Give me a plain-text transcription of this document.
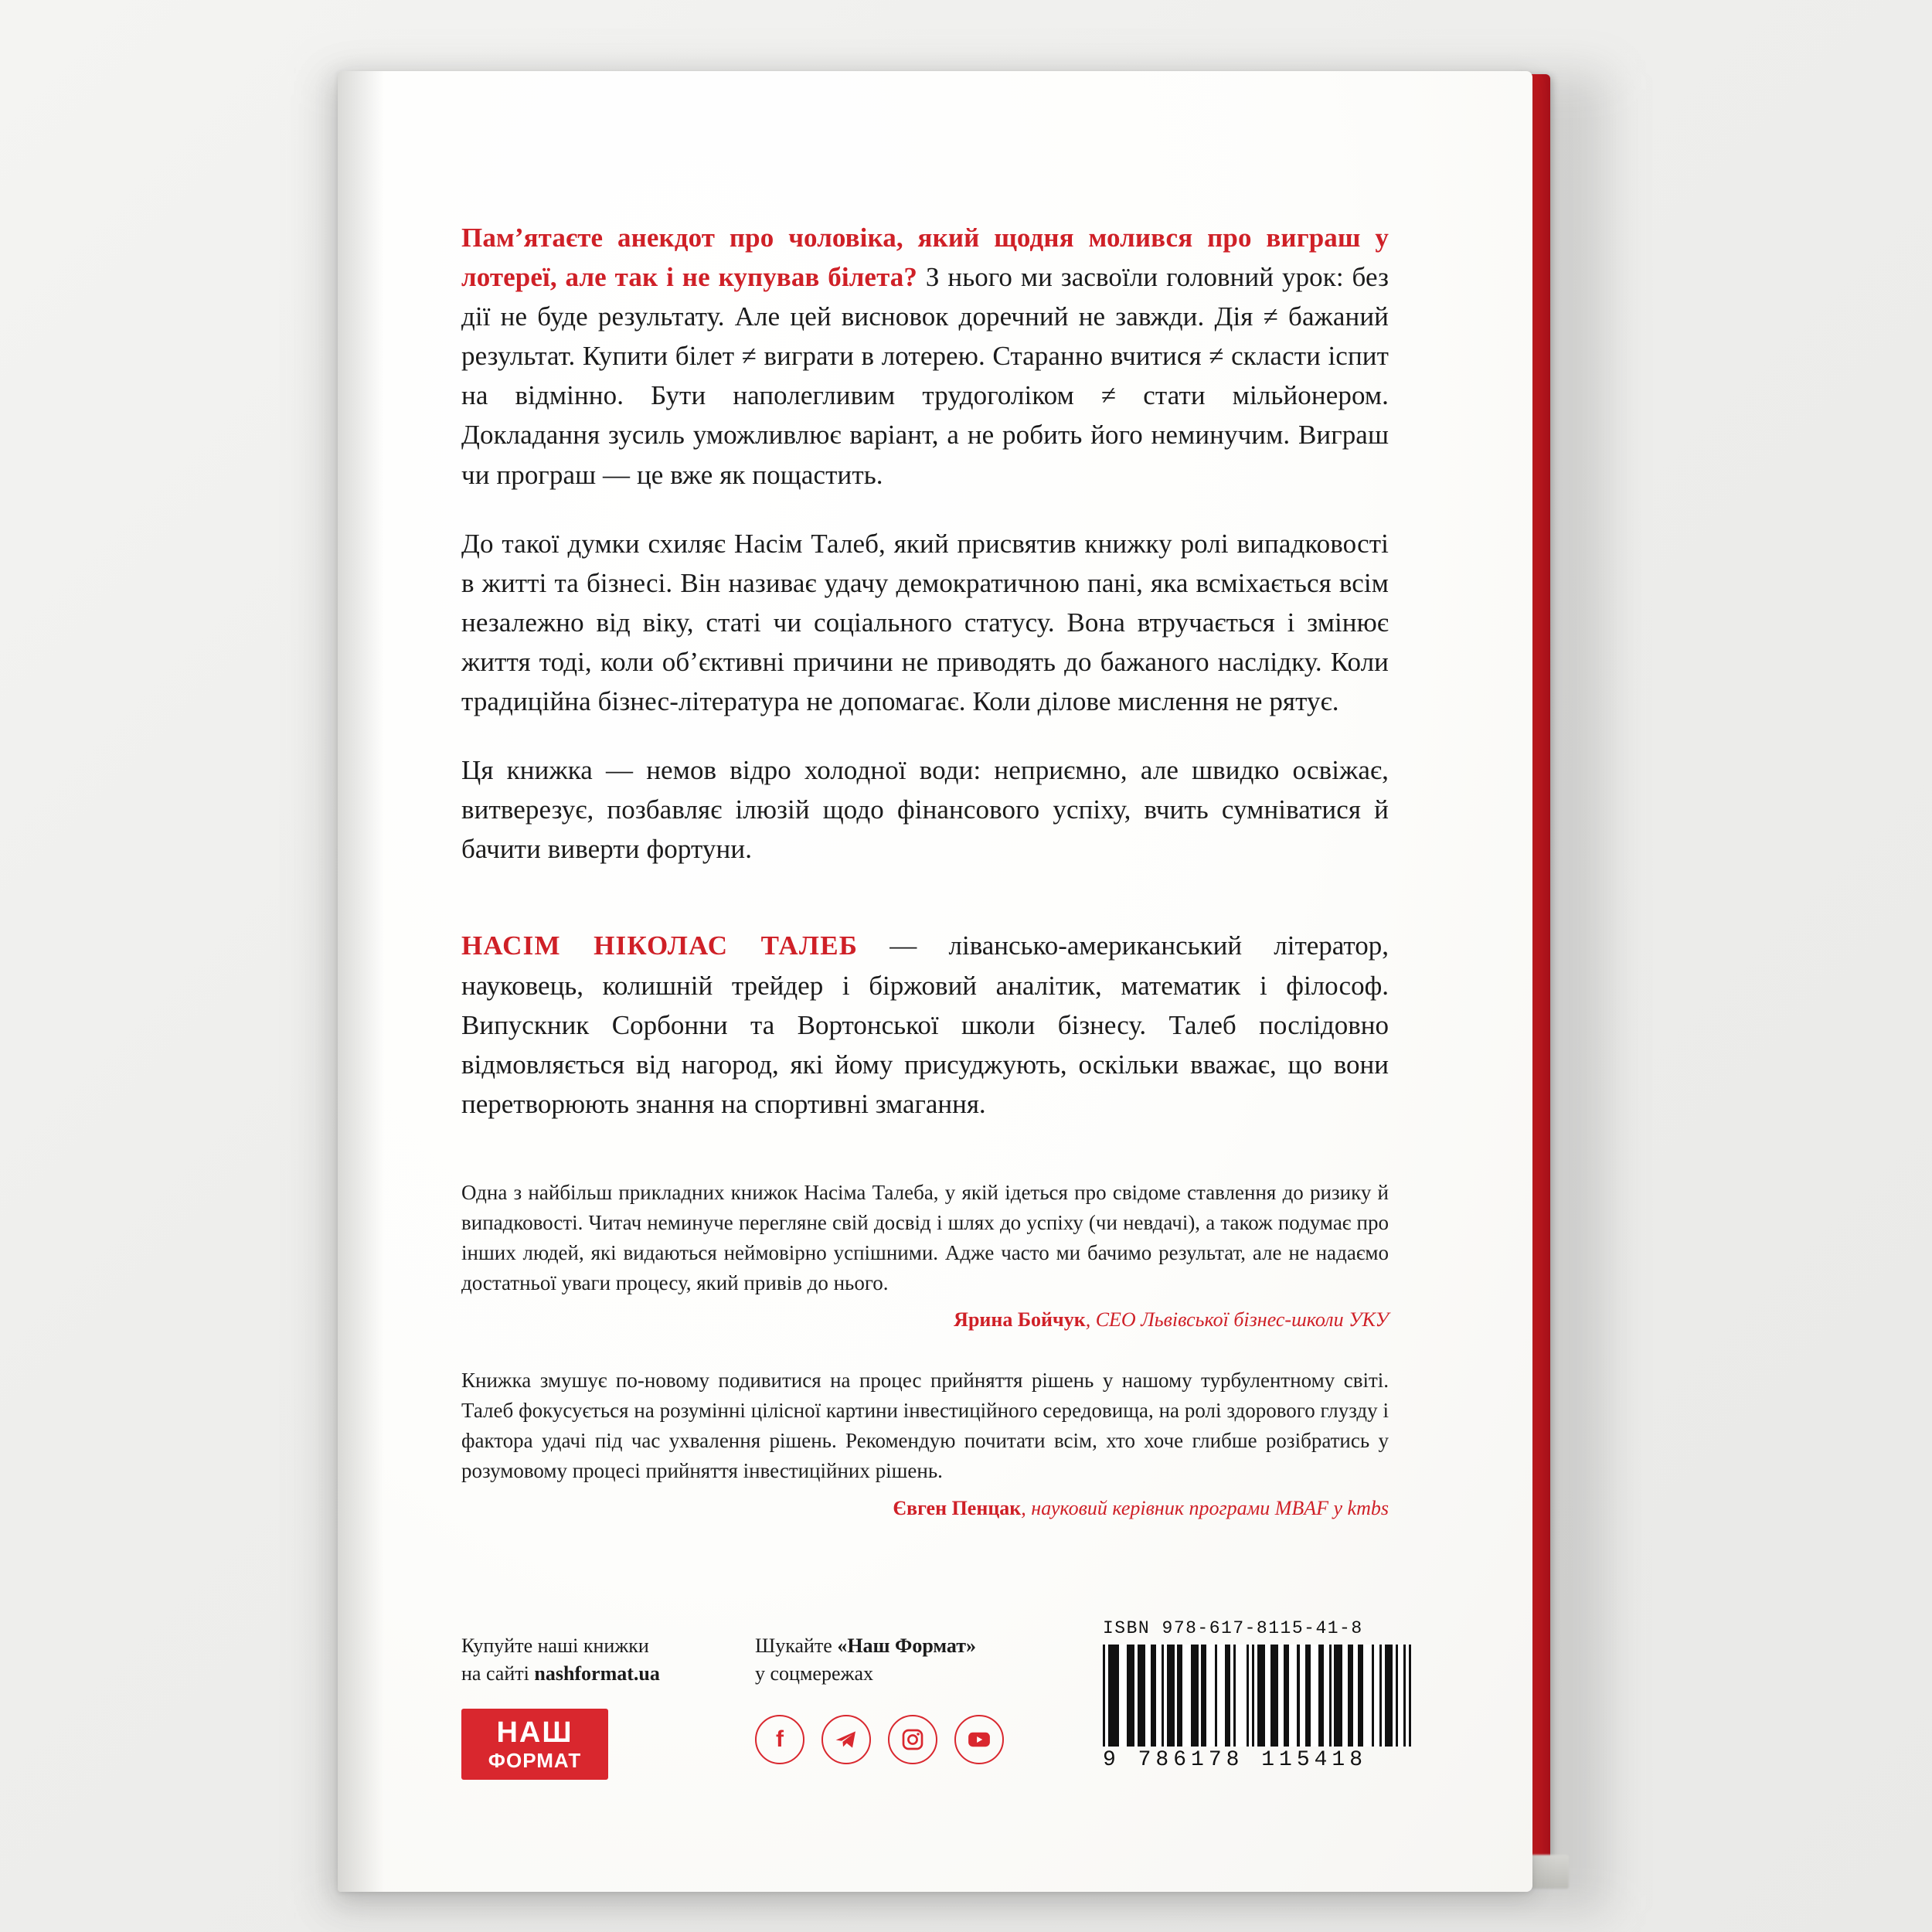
Пам’ятаєте анекдот про чоловіка, який щодня молився про виграш у лотереї, але так і не купував білета? З нього ми засвоїли головний урок: без дії не буде результату. Але цей висновок доречний не завжди. Дія ≠ бажаний результат. Купити білет ≠ виграти в лотерею. Старанно вчитися ≠ скласти іспит на відмінно. Бути наполегливим трудоголіком ≠ стати мільйонером. Докладання зусиль уможливлює варіант, а не робить його неминучим. Виграш чи програш — це вже як пощастить.

До такої думки схиляє Насім Талеб, який присвятив книжку ролі випадковості в житті та бізнесі. Він називає удачу демократичною пані, яка всміхається всім незалежно від віку, статі чи соціального статусу. Вона втручається і змінює життя тоді, коли об’єктивні причини не приводять до бажаного наслідку. Коли традиційна бізнес-література не допомагає. Коли ділове мислення не рятує.

Ця книжка — немов відро холодної води: неприємно, але швидко освіжає, витверезує, позбавляє ілюзій щодо фінансового успіху, вчить сумніватися й бачити виверти фортуни.

НАСІМ НІКОЛАС ТАЛЕБ — лівансько-американський літератор, науковець, колишній трейдер і біржовий аналітик, математик і філософ. Випускник Сорбонни та Вортонської школи бізнесу. Талеб послідовно відмовляється від нагород, які йому присуджують, оскільки вважає, що вони перетворюють знання на спортивні змагання.

Одна з найбільш прикладних книжок Насіма Талеба, у якій ідеться про свідоме ставлення до ризику й випадковості. Читач неминуче перегляне свій досвід і шлях до успіху (чи невдачі), а також подумає про інших людей, які видаються неймовірно успішними. Адже часто ми бачимо результат, але не надаємо достатньої уваги процесу, який привів до нього.

Ярина Бойчук, CEO Львівської бізнес-школи УКУ

Книжка змушує по-новому подивитися на процес прийняття рішень у нашому турбулентному світі. Талеб фокусується на розумінні цілісної картини інвестиційного середовища, на ролі здорового глузду і фактора удачі під час ухвалення рішень. Рекомендую почитати всім, хто хоче глибше розібратись у розумовому процесі прийняття інвестиційних рішень.

Євген Пенцак, науковий керівник програми MBAF у kmbs

Купуйте наші книжки
на сайті nashformat.ua
НАШ
ФОРМАТ
Шукайте «Наш Формат»
у соцмережах
f
ISBN 978-617-8115-41-8
9 786178 115418
